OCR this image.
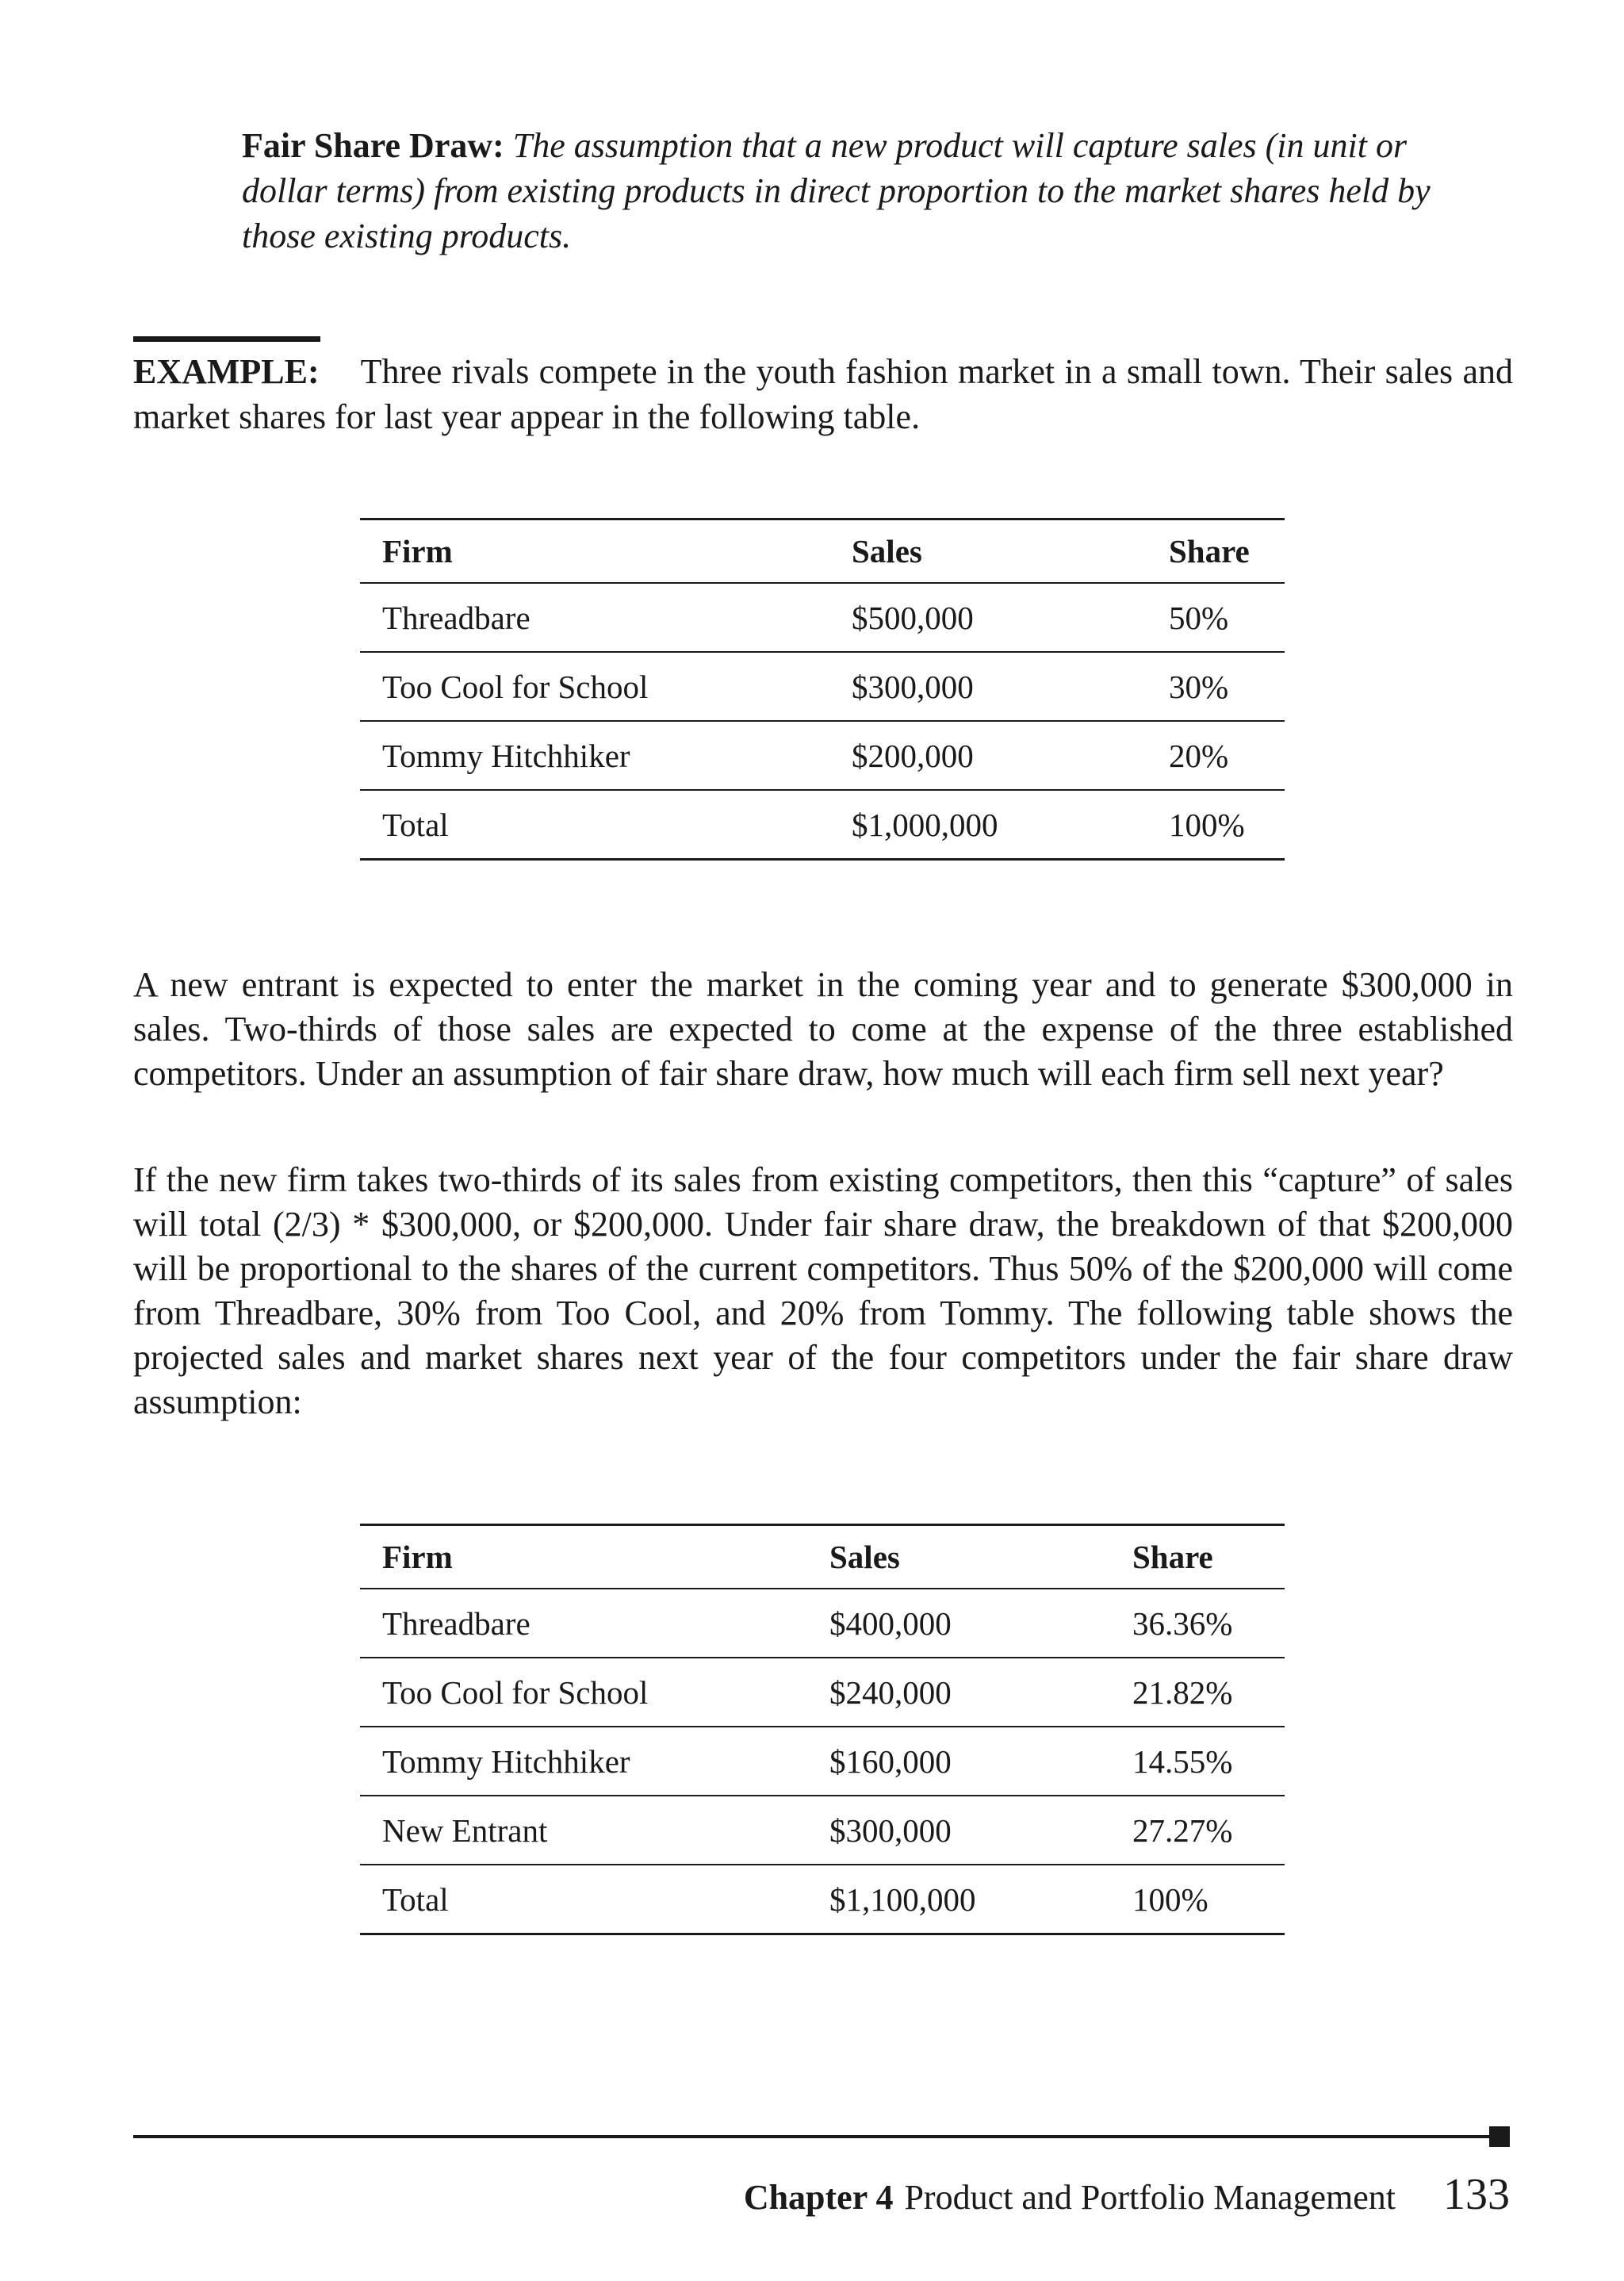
Fair Share Draw: The assumption that a new product will capture sales (in unit or dollar terms) from existing products in direct proportion to the market shares held by those existing products.
EXAMPLE: Three rivals compete in the youth fashion market in a small town. Their sales and market shares for last year appear in the following table.
Firm	Sales	Share
Threadbare	$500,000	50%
Too Cool for School	$300,000	30%
Tommy Hitchhiker	$200,000	20%
Total	$1,000,000	100%

A new entrant is expected to enter the market in the coming year and to generate $300,000 in sales. Two-thirds of those sales are expected to come at the expense of the three established competitors. Under an assumption of fair share draw, how much will each firm sell next year?

If the new firm takes two-thirds of its sales from existing competitors, then this “capture” of sales will total (2/3) * $300,000, or $200,000. Under fair share draw, the breakdown of that $200,000 will be proportional to the shares of the current competitors. Thus 50% of the $200,000 will come from Threadbare, 30% from Too Cool, and 20% from Tommy. The following table shows the projected sales and market shares next year of the four competitors under the fair share draw assumption:

Firm	Sales	Share
Threadbare	$400,000	36.36%
Too Cool for School	$240,000	21.82%
Tommy Hitchhiker	$160,000	14.55%
New Entrant	$300,000	27.27%
Total	$1,100,000	100%
Chapter 4 Product and Portfolio Management 133
